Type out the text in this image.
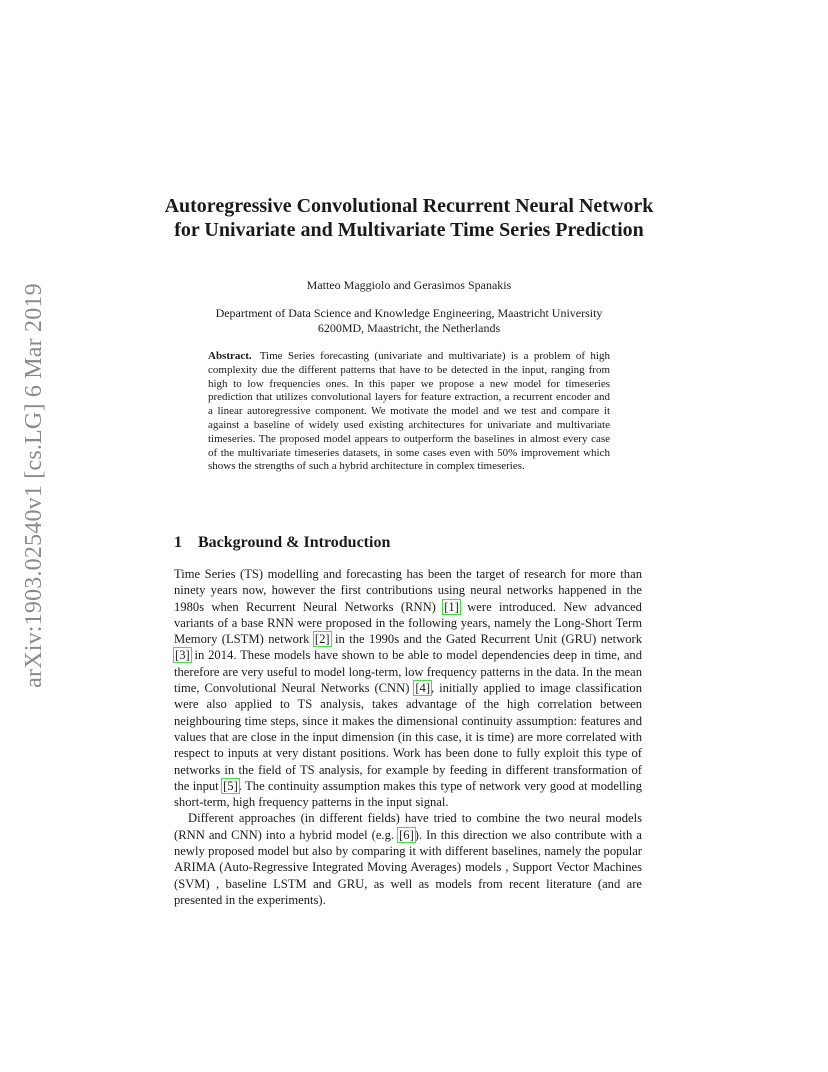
arXiv:1903.02540v1 [cs.LG] 6 Mar 2019
Autoregressive Convolutional Recurrent Neural Network for Univariate and Multivariate Time Series Prediction
Matteo Maggiolo and Gerasimos Spanakis
Department of Data Science and Knowledge Engineering, Maastricht University
6200MD, Maastricht, the Netherlands
Abstract. Time Series forecasting (univariate and multivariate) is a problem of high complexity due the different patterns that have to be detected in the input, ranging from high to low frequencies ones. In this paper we propose a new model for timeseries prediction that utilizes convolutional layers for feature extraction, a recurrent encoder and a linear autoregressive component. We motivate the model and we test and compare it against a baseline of widely used existing architectures for univariate and multivariate timeseries. The proposed model appears to outperform the baselines in almost every case of the multivariate timeseries datasets, in some cases even with 50% improvement which shows the strengths of such a hybrid architecture in complex timeseries.
1 Background & Introduction

Time Series (TS) modelling and forecasting has been the target of research for more than ninety years now, however the first contributions using neural networks happened in the 1980s when Recurrent Neural Networks (RNN) [1] were introduced. New advanced variants of a base RNN were proposed in the following years, namely the Long-Short Term Memory (LSTM) network [2] in the 1990s and the Gated Recurrent Unit (GRU) network [3] in 2014. These models have shown to be able to model dependencies deep in time, and therefore are very useful to model long-term, low frequency patterns in the data. In the mean time, Convolutional Neural Networks (CNN) [4], initially applied to image classification were also applied to TS analysis, takes advantage of the high correlation between neighbouring time steps, since it makes the dimensional continuity assumption: features and values that are close in the input dimension (in this case, it is time) are more correlated with respect to inputs at very distant positions. Work has been done to fully exploit this type of networks in the field of TS analysis, for example by feeding in different transformation of the input [5]. The continuity assumption makes this type of network very good at modelling short-term, high frequency patterns in the input signal.

Different approaches (in different fields) have tried to combine the two neural models (RNN and CNN) into a hybrid model (e.g. [6]). In this direction we also contribute with a newly proposed model but also by comparing it with different baselines, namely the popular ARIMA (Auto-Regressive Integrated Moving Averages) models , Support Vector Machines (SVM) , baseline LSTM and GRU, as well as models from recent literature (and are presented in the experiments).
